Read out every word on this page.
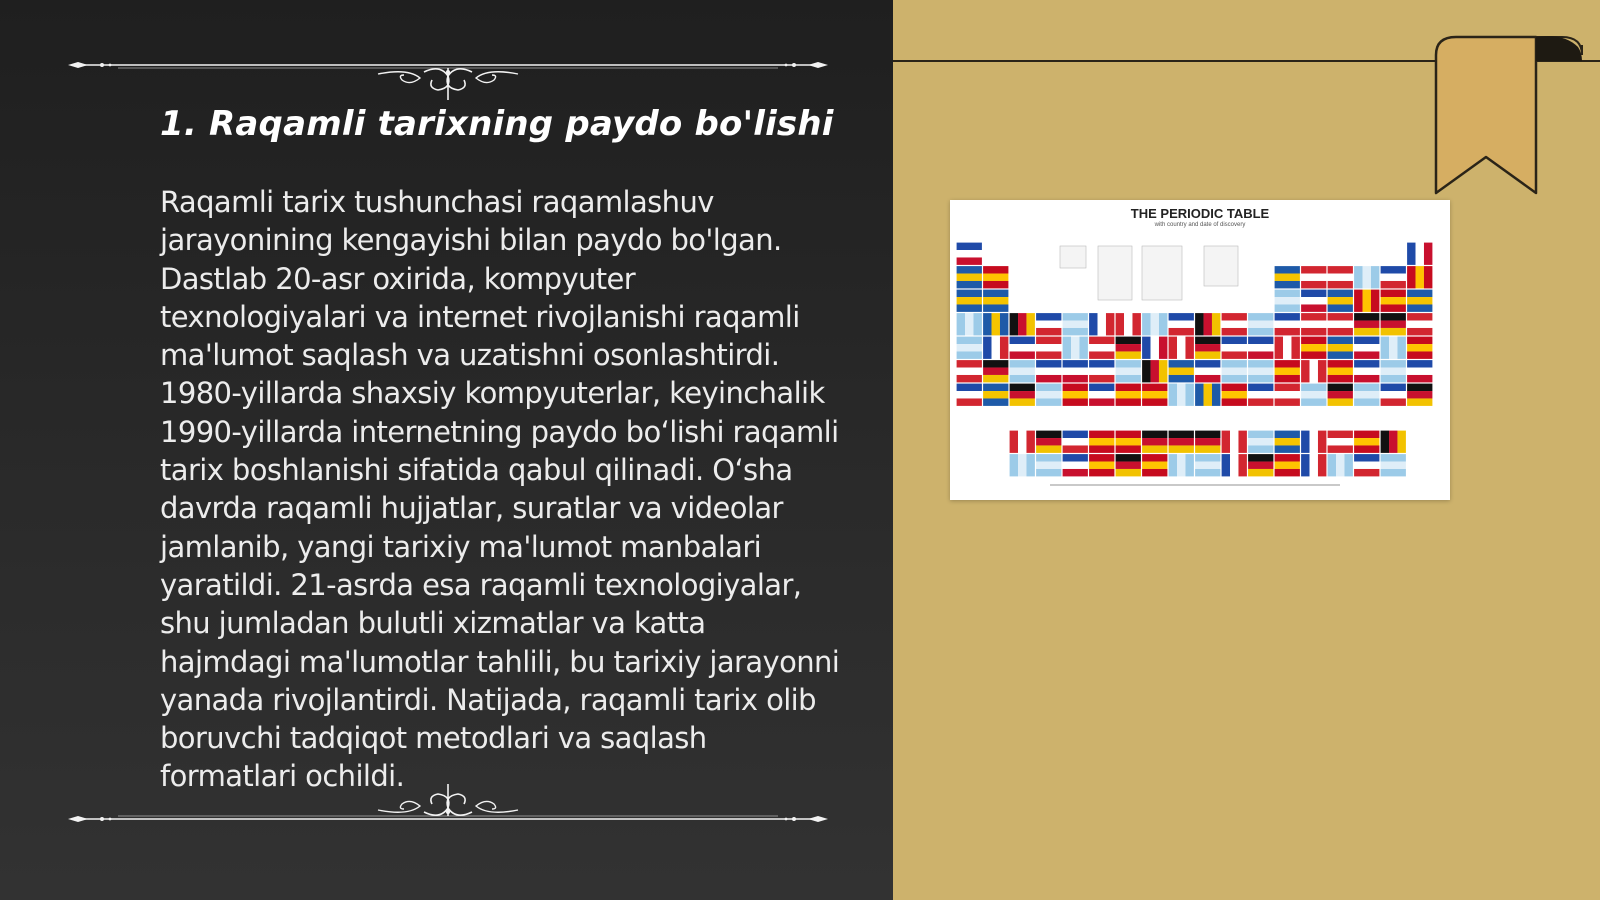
1. Raqamli tarixning paydo bo'lishi

Raqamli tarix tushunchasi raqamlashuv jarayonining kengayishi bilan paydo bo'lgan. Dastlab 20-asr oxirida, kompyuter texnologiyalari va internet rivojlanishi raqamli ma'lumot saqlash va uzatishni osonlashtirdi. 1980-yillarda shaxsiy kompyuterlar, keyinchalik 1990-yillarda internetning paydo bo‘lishi raqamli tarix boshlanishi sifatida qabul qilinadi. O‘sha davrda raqamli hujjatlar, suratlar va videolar jamlanib, yangi tarixiy ma'lumot manbalari yaratildi. 21-asrda esa raqamli texnologiyalar, shu jumladan bulutli xizmatlar va katta hajmdagi ma'lumotlar tahlili, bu tarixiy jarayonni yanada rivojlantirdi. Natijada, raqamli tarix olib boruvchi tadqiqot metodlari va saqlash formatlari ochildi.

THE PERIODIC TABLE

with country and date of discovery
